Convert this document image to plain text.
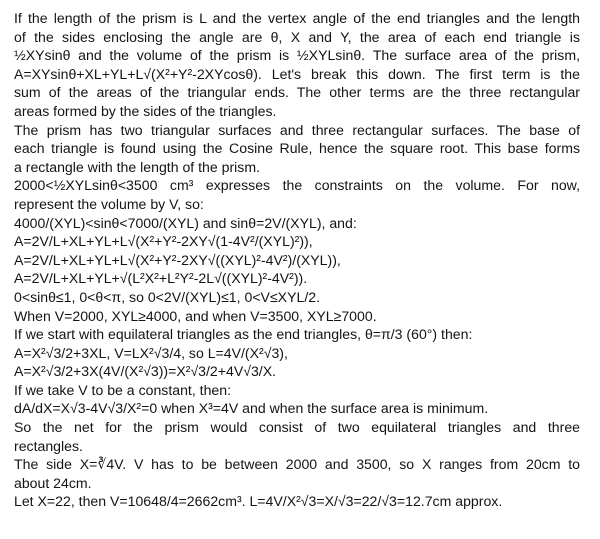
If the length of the prism is L and the vertex angle of the end triangles and the length
of the sides enclosing the angle are θ, X and Y, the area of each end triangle is
½XYsinθ and the volume of the prism is ½XYLsinθ. The surface area of the prism,
A=XYsinθ+XL+YL+L√(X²+Y²-2XYcosθ). Let's break this down. The first term is the
sum of the areas of the triangular ends. The other terms are the three rectangular
areas formed by the sides of the triangles.
The prism has two triangular surfaces and three rectangular surfaces. The base of
each triangle is found using the Cosine Rule, hence the square root. This base forms
a rectangle with the length of the prism.
2000<½XYLsinθ<3500 cm³ expresses the constraints on the volume. For now,
represent the volume by V, so:
4000/(XYL)<sinθ<7000/(XYL) and sinθ=2V/(XYL), and:
A=2V/L+XL+YL+L√(X²+Y²-2XY√(1-4V²/(XYL)²)),
A=2V/L+XL+YL+L√(X²+Y²-2XY√((XYL)²-4V²)/(XYL)),
A=2V/L+XL+YL+√(L²X²+L²Y²-2L√((XYL)²-4V²)).
0<sinθ≤1, 0<θ<π, so 0<2V/(XYL)≤1, 0<V≤XYL/2.
When V=2000, XYL≥4000, and when V=3500, XYL≥7000.
If we start with equilateral triangles as the end triangles, θ=π/3 (60°) then:
A=X²√3/2+3XL, V=LX²√3/4, so L=4V/(X²√3),
A=X²√3/2+3X(4V/(X²√3))=X²√3/2+4V√3/X.
If we take V to be a constant, then:
dA/dX=X√3-4V√3/X²=0 when X³=4V and when the surface area is minimum.
So the net for the prism would consist of two equilateral triangles and three
rectangles.
The side X=∛4V. V has to be between 2000 and 3500, so X ranges from 20cm to
about 24cm.
Let X=22, then V=10648/4=2662cm³. L=4V/X²√3=X/√3=22/√3=12.7cm approx.
